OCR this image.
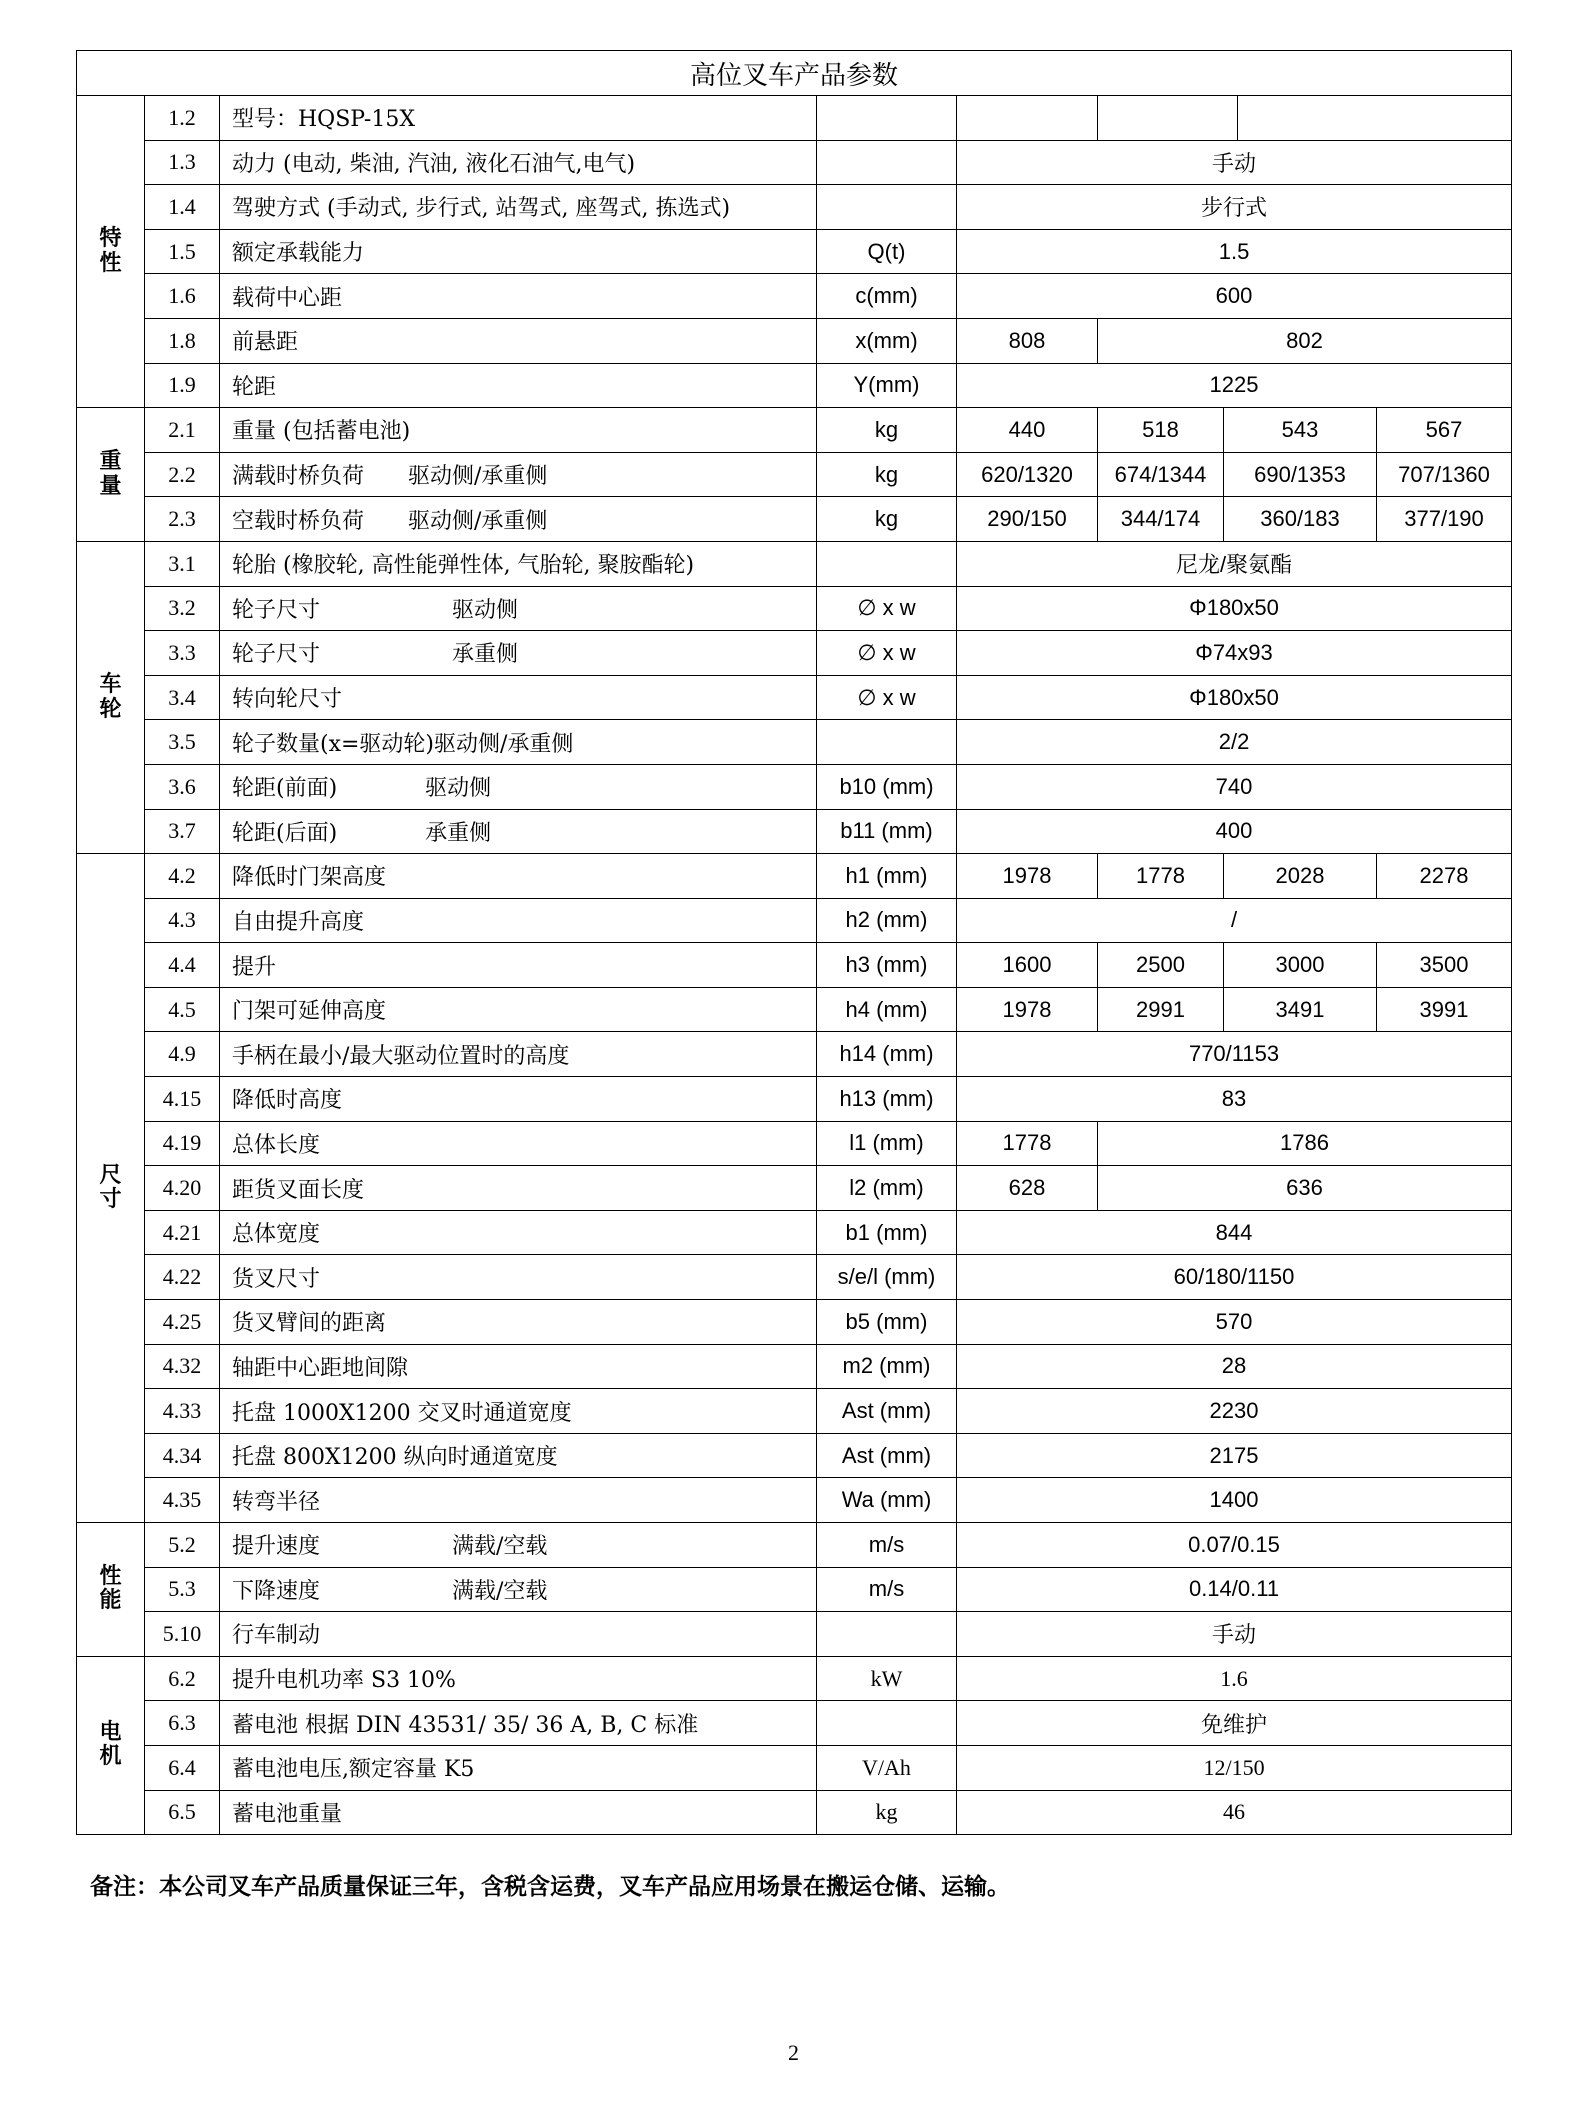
高位叉车产品参数									
特性	1.2	型号：HQSP-15X							
	1.3	动力 (电动, 柴油, 汽油, 液化石油气,电气)		手动					
	1.4	驾驶方式 (手动式, 步行式, 站驾式, 座驾式, 拣选式)		步行式					
	1.5	额定承载能力	Q(t)	1.5					
	1.6	载荷中心距	c(mm)	600					
	1.8	前悬距	x(mm)	808	802				
	1.9	轮距	Y(mm)	1225					
重量	2.1	重量 (包括蓄电池)	kg	440	518	543		567	
	2.2	满载时桥负荷　　驱动侧/承重侧	kg	620/1320	674/1344	690/1353		707/1360	
	2.3	空载时桥负荷　　驱动侧/承重侧	kg	290/150	344/174	360/183		377/190	
车轮	3.1	轮胎 (橡胶轮, 高性能弹性体, 气胎轮, 聚胺酯轮)		尼龙/聚氨酯					
	3.2	轮子尺寸　　　　　　驱动侧	∅ x w	Φ180x50					
	3.3	轮子尺寸　　　　　　承重侧	∅ x w	Φ74x93					
	3.4	转向轮尺寸	∅ x w	Φ180x50					
	3.5	轮子数量(x=驱动轮)驱动侧/承重侧		2/2					
	3.6	轮距(前面)　　　　驱动侧	b10 (mm)	740					
	3.7	轮距(后面)　　　　承重侧	b11 (mm)	400					
尺寸	4.2	降低时门架高度	h1 (mm)	1978	1778	2028		2278	
	4.3	自由提升高度	h2 (mm)	/					
	4.4	提升	h3 (mm)	1600	2500	3000		3500	
	4.5	门架可延伸高度	h4 (mm)	1978	2991	3491		3991	
	4.9	手柄在最小/最大驱动位置时的高度	h14 (mm)	770/1153					
	4.15	降低时高度	h13 (mm)	83					
	4.19	总体长度	l1 (mm)	1778	1786				
	4.20	距货叉面长度	l2 (mm)	628	636				
	4.21	总体宽度	b1 (mm)	844					
	4.22	货叉尺寸	s/e/l (mm)	60/180/1150					
	4.25	货叉臂间的距离	b5 (mm)	570					
	4.32	轴距中心距地间隙	m2 (mm)	28					
	4.33	托盘 1000X1200 交叉时通道宽度	Ast (mm)	2230					
	4.34	托盘 800X1200 纵向时通道宽度	Ast (mm)	2175					
	4.35	转弯半径	Wa (mm)	1400					
性能	5.2	提升速度　　　　　　满载/空载	m/s	0.07/0.15					
	5.3	下降速度　　　　　　满载/空载	m/s	0.14/0.11					
	5.10	行车制动		手动					
电机	6.2	提升电机功率 S3 10%	kW	1.6					
	6.3	蓄电池 根据 DIN 43531/ 35/ 36 A, B, C 标准		免维护					
	6.4	蓄电池电压,额定容量 K5	V/Ah	12/150					
	6.5	蓄电池重量	kg	46					
备注：本公司叉车产品质量保证三年，含税含运费，叉车产品应用场景在搬运仓储、运输。
2
